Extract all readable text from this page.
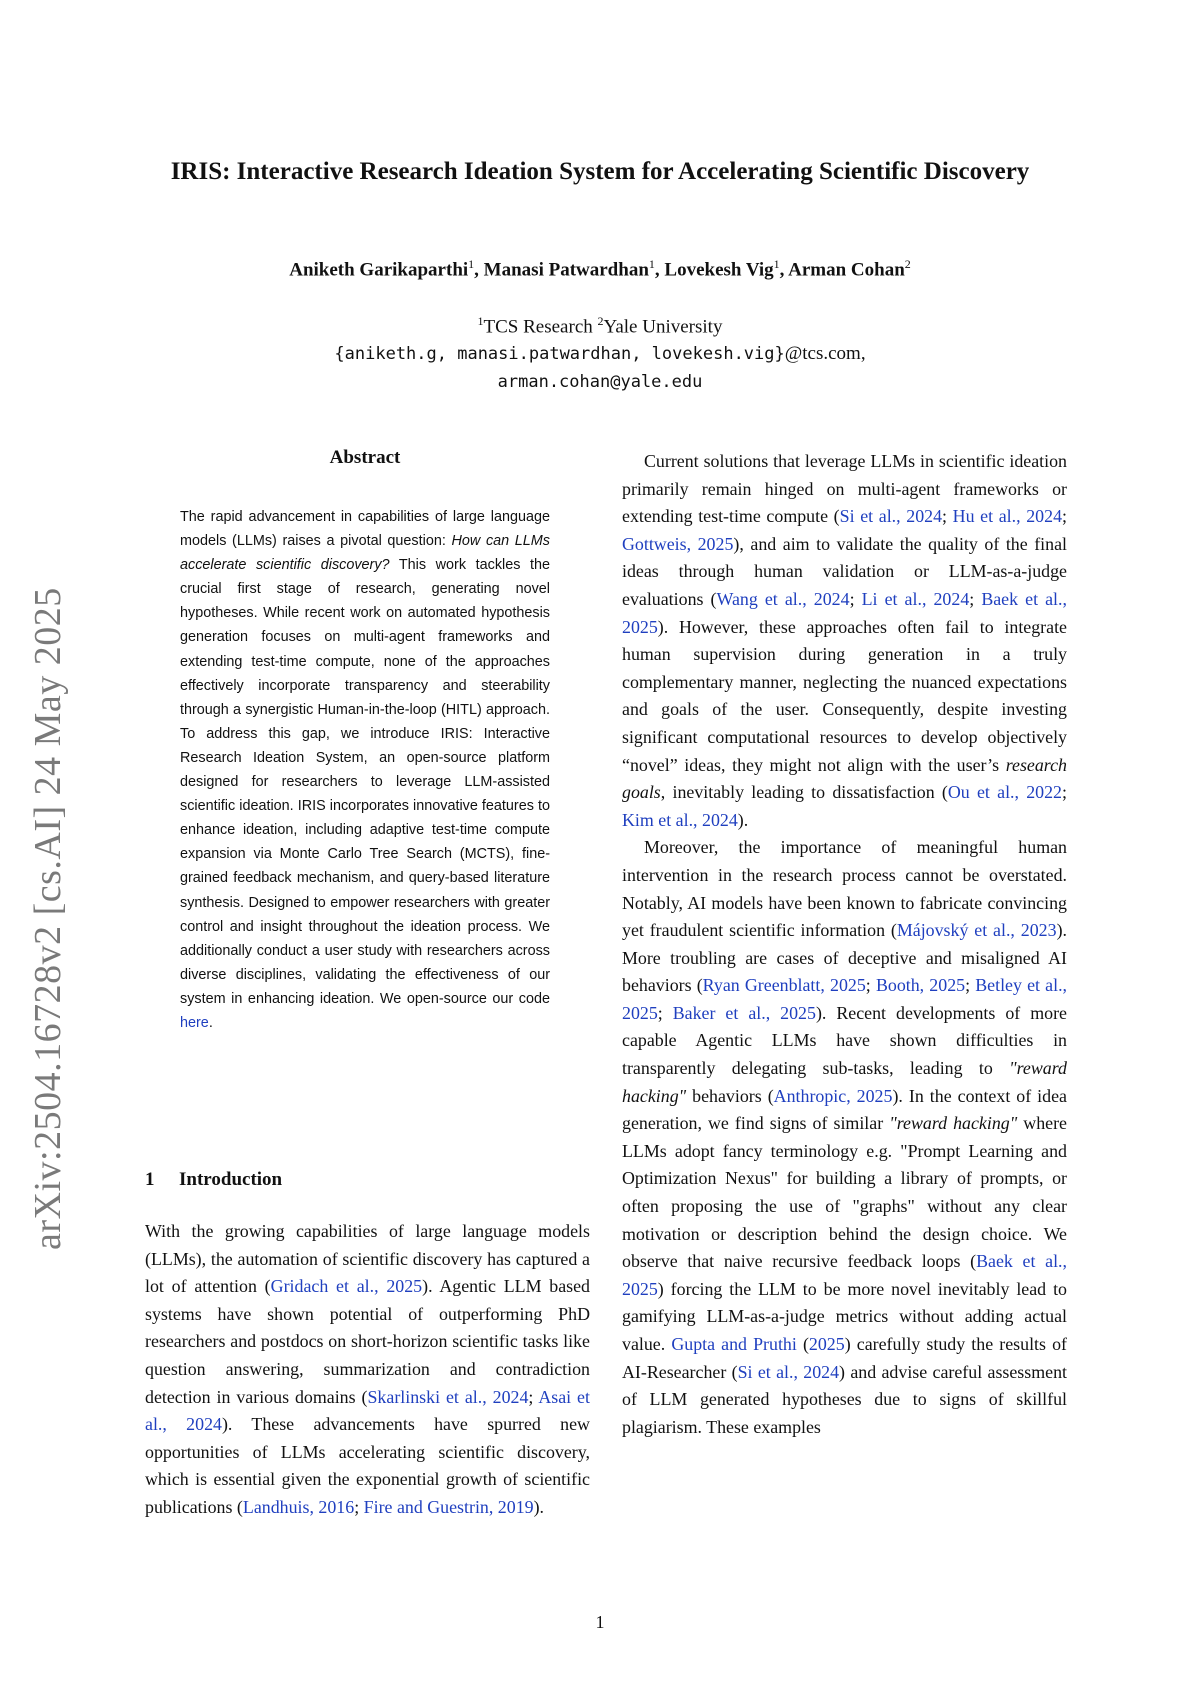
arXiv:2504.16728v2 [cs.AI] 24 May 2025
IRIS: Interactive Research Ideation System for Accelerating Scientific Discovery
Aniketh Garikaparthi$^1$, Manasi Patwardhan$^1$, Lovekesh Vig$^1$, Arman Cohan$^2$
$^1$TCS Research $^2$Yale University
{aniketh.g, manasi.patwardhan, lovekesh.vig}@tcs.com,
arman.cohan@yale.edu
Abstract

The rapid advancement in capabilities of large language models (LLMs) raises a pivotal question: How can LLMs accelerate scientific discovery? This work tackles the crucial first stage of research, generating novel hypotheses. While recent work on automated hypothesis generation focuses on multi-agent frameworks and extending test-time compute, none of the approaches effectively incorporate transparency and steerability through a synergistic Human-in-the-loop (HITL) approach. To address this gap, we introduce IRIS: Interactive Research Ideation System, an open-source platform designed for researchers to leverage LLM-assisted scientific ideation. IRIS incorporates innovative features to enhance ideation, including adaptive test-time compute expansion via Monte Carlo Tree Search (MCTS), fine-grained feedback mechanism, and query-based literature synthesis. Designed to empower researchers with greater control and insight throughout the ideation process. We additionally conduct a user study with researchers across diverse disciplines, validating the effectiveness of our system in enhancing ideation. We open-source our code here.

1 Introduction

With the growing capabilities of large language models (LLMs), the automation of scientific discovery has captured a lot of attention (Gridach et al., 2025). Agentic LLM based systems have shown potential of outperforming PhD researchers and postdocs on short-horizon scientific tasks like question answering, summarization and contradiction detection in various domains (Skarlinski et al., 2024; Asai et al., 2024). These advancements have spurred new opportunities of LLMs accelerating scientific discovery, which is essential given the exponential growth of scientific publications (Landhuis, 2016; Fire and Guestrin, 2019).

Current solutions that leverage LLMs in scientific ideation primarily remain hinged on multi-agent frameworks or extending test-time compute (Si et al., 2024; Hu et al., 2024; Gottweis, 2025), and aim to validate the quality of the final ideas through human validation or LLM-as-a-judge evaluations (Wang et al., 2024; Li et al., 2024; Baek et al., 2025). However, these approaches often fail to integrate human supervision during generation in a truly complementary manner, neglecting the nuanced expectations and goals of the user. Consequently, despite investing significant computational resources to develop objectively “novel” ideas, they might not align with the user’s research goals, inevitably leading to dissatisfaction (Ou et al., 2022; Kim et al., 2024).

Moreover, the importance of meaningful human intervention in the research process cannot be overstated. Notably, AI models have been known to fabricate convincing yet fraudulent scientific information (Májovský et al., 2023). More troubling are cases of deceptive and misaligned AI behaviors (Ryan Greenblatt, 2025; Booth, 2025; Betley et al., 2025; Baker et al., 2025). Recent developments of more capable Agentic LLMs have shown difficulties in transparently delegating sub-tasks, leading to "reward hacking" behaviors (Anthropic, 2025). In the context of idea generation, we find signs of similar "reward hacking" where LLMs adopt fancy terminology e.g. "Prompt Learning and Optimization Nexus" for building a library of prompts, or often proposing the use of "graphs" without any clear motivation or description behind the design choice. We observe that naive recursive feedback loops (Baek et al., 2025) forcing the LLM to be more novel inevitably lead to gamifying LLM-as-a-judge metrics without adding actual value. Gupta and Pruthi (2025) carefully study the results of AI-Researcher (Si et al., 2024) and advise careful assessment of LLM generated hypotheses due to signs of skillful plagiarism. These examples

1
